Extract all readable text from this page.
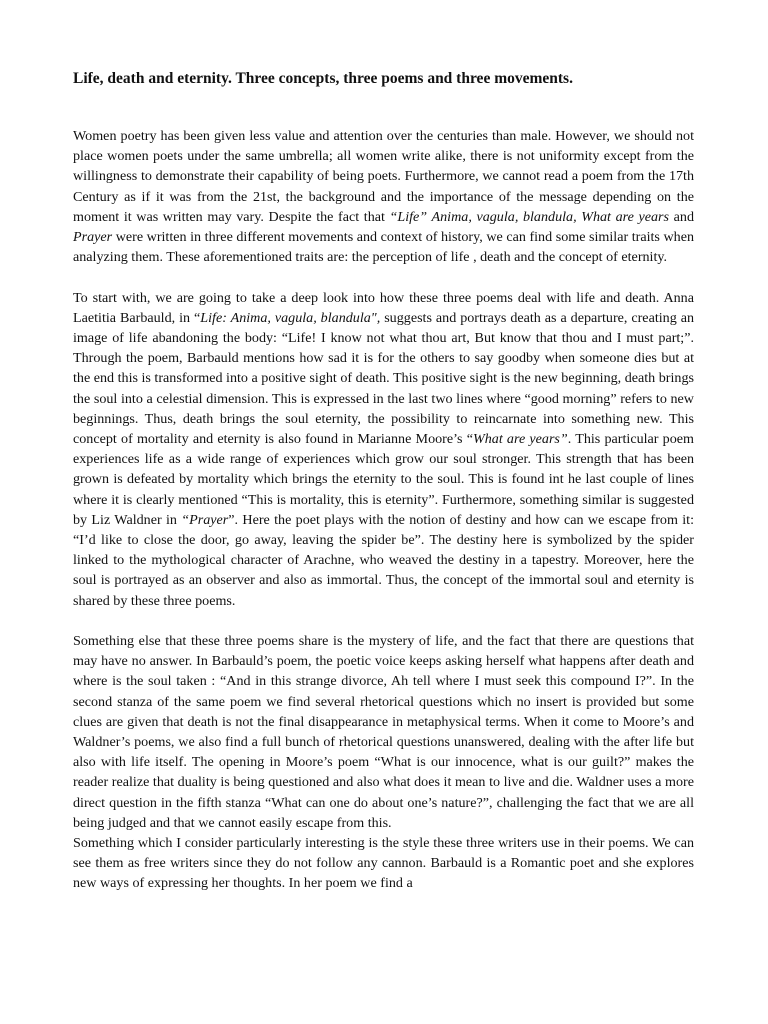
Life, death and eternity. Three concepts, three poems and three movements.

Women poetry has been given less value and attention over the centuries than male. However, we should not place women poets under the same umbrella; all women write alike, there is not uniformity except from the willingness to demonstrate their capability of being poets. Furthermore, we cannot read a poem from the 17th Century as if it was from the 21st, the background and the importance of the message depending on the moment it was written may vary. Despite the fact that “Life” Anima, vagula, blandula, What are years and Prayer were written in three different movements and context of history, we can find some similar traits when analyzing them. These aforementioned traits are: the perception of life , death and the concept of eternity.

To start with, we are going to take a deep look into how these three poems deal with life and death. Anna Laetitia Barbauld, in “Life: Anima, vagula, blandula", suggests and portrays death as a departure, creating an image of life abandoning the body: “Life! I know not what thou art, But know that thou and I must part;”. Through the poem, Barbauld mentions how sad it is for the others to say goodby when someone dies but at the end this is transformed into a positive sight of death. This positive sight is the new beginning, death brings the soul into a celestial dimension. This is expressed in the last two lines where “good morning” refers to new beginnings. Thus, death brings the soul eternity, the possibility to reincarnate into something new. This concept of mortality and eternity is also found in Marianne Moore’s “What are years”. This particular poem experiences life as a wide range of experiences which grow our soul stronger. This strength that has been grown is defeated by mortality which brings the eternity to the soul. This is found int he last couple of lines where it is clearly mentioned “This is mortality, this is eternity”. Furthermore, something similar is suggested by Liz Waldner in “Prayer”. Here the poet plays with the notion of destiny and how can we escape from it: “I’d like to close the door, go away, leaving the spider be”. The destiny here is symbolized by the spider linked to the mythological character of Arachne, who weaved the destiny in a tapestry. Moreover, here the soul is portrayed as an observer and also as immortal. Thus, the concept of the immortal soul and eternity is shared by these three poems.

Something else that these three poems share is the mystery of life, and the fact that there are questions that may have no answer. In Barbauld’s poem, the poetic voice keeps asking herself what happens after death and where is the soul taken : “And in this strange divorce, Ah tell where I must seek this compound I?”. In the second stanza of the same poem we find several rhetorical questions which no insert is provided but some clues are given that death is not the final disappearance in metaphysical terms. When it come to Moore’s and Waldner’s poems, we also find a full bunch of rhetorical questions unanswered, dealing with the after life but also with life itself. The opening in Moore’s poem “What is our innocence, what is our guilt?” makes the reader realize that duality is being questioned and also what does it mean to live and die. Waldner uses a more direct question in the fifth stanza “What can one do about one’s nature?”, challenging the fact that we are all being judged and that we cannot easily escape from this.

Something which I consider particularly interesting is the style these three writers use in their poems. We can see them as free writers since they do not follow any cannon. Barbauld is a Romantic poet and she explores new ways of expressing her thoughts. In her poem we find a
